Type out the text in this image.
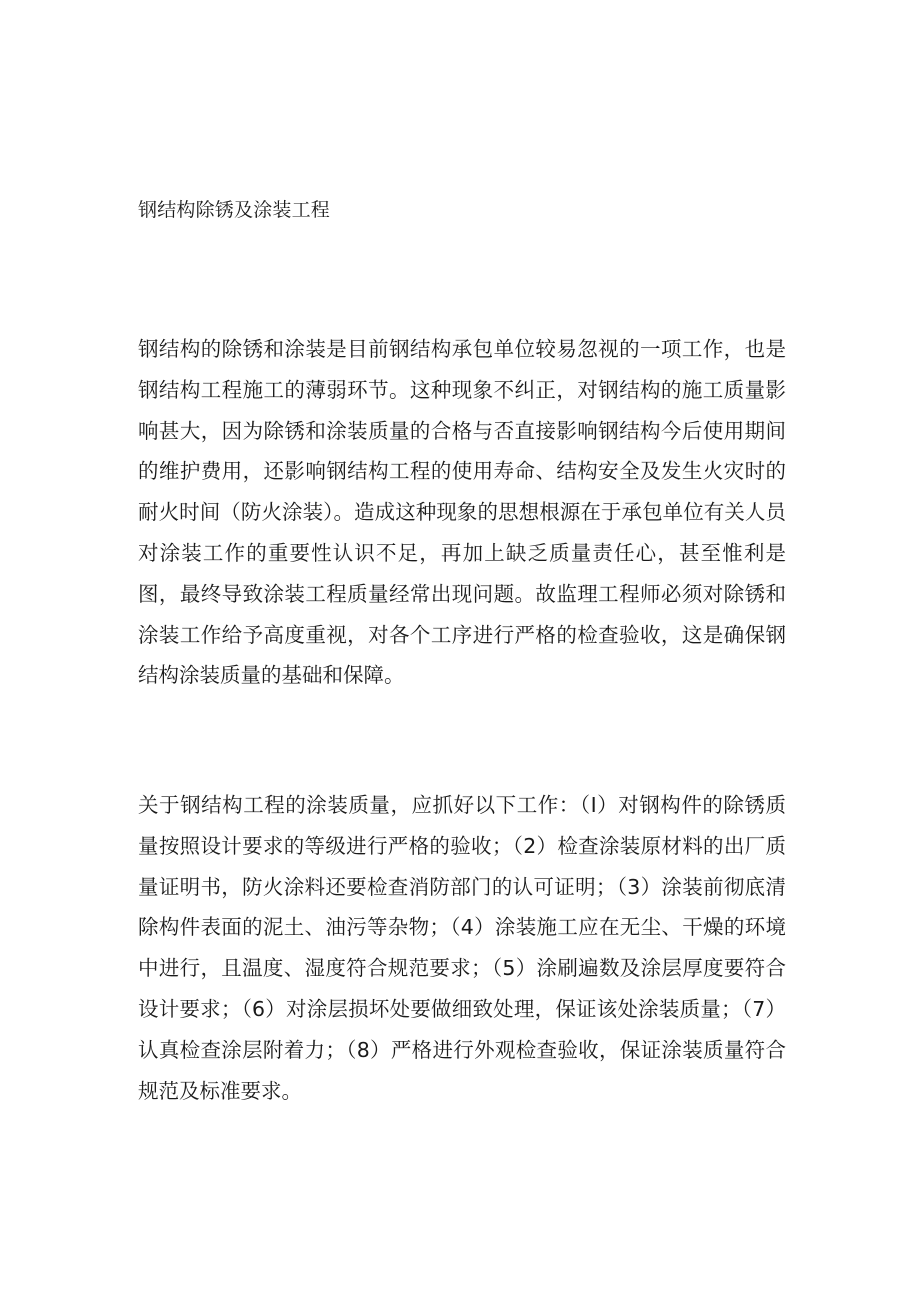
钢结构除锈及涂装工程

钢结构的除锈和涂装是目前钢结构承包单位较易忽视的一项工作，也是钢结构工程施工的薄弱环节。这种现象不纠正，对钢结构的施工质量影响甚大，因为除锈和涂装质量的合格与否直接影响钢结构今后使用期间的维护费用，还影响钢结构工程的使用寿命、结构安全及发生火灾时的耐火时间（防火涂装）。造成这种现象的思想根源在于承包单位有关人员对涂装工作的重要性认识不足，再加上缺乏质量责任心，甚至惟利是图，最终导致涂装工程质量经常出现问题。故监理工程师必须对除锈和涂装工作给予高度重视，对各个工序进行严格的检查验收，这是确保钢结构涂装质量的基础和保障。

关于钢结构工程的涂装质量，应抓好以下工作：（I）对钢构件的除锈质量按照设计要求的等级进行严格的验收；（2）检查涂装原材料的出厂质量证明书，防火涂料还要检查消防部门的认可证明；（3）涂装前彻底清除构件表面的泥土、油污等杂物；（4）涂装施工应在无尘、干燥的环境中进行，且温度、湿度符合规范要求；（5）涂刷遍数及涂层厚度要符合设计要求；（6）对涂层损坏处要做细致处理，保证该处涂装质量；（7）认真检查涂层附着力；（8）严格进行外观检查验收，保证涂装质量符合规范及标准要求。
